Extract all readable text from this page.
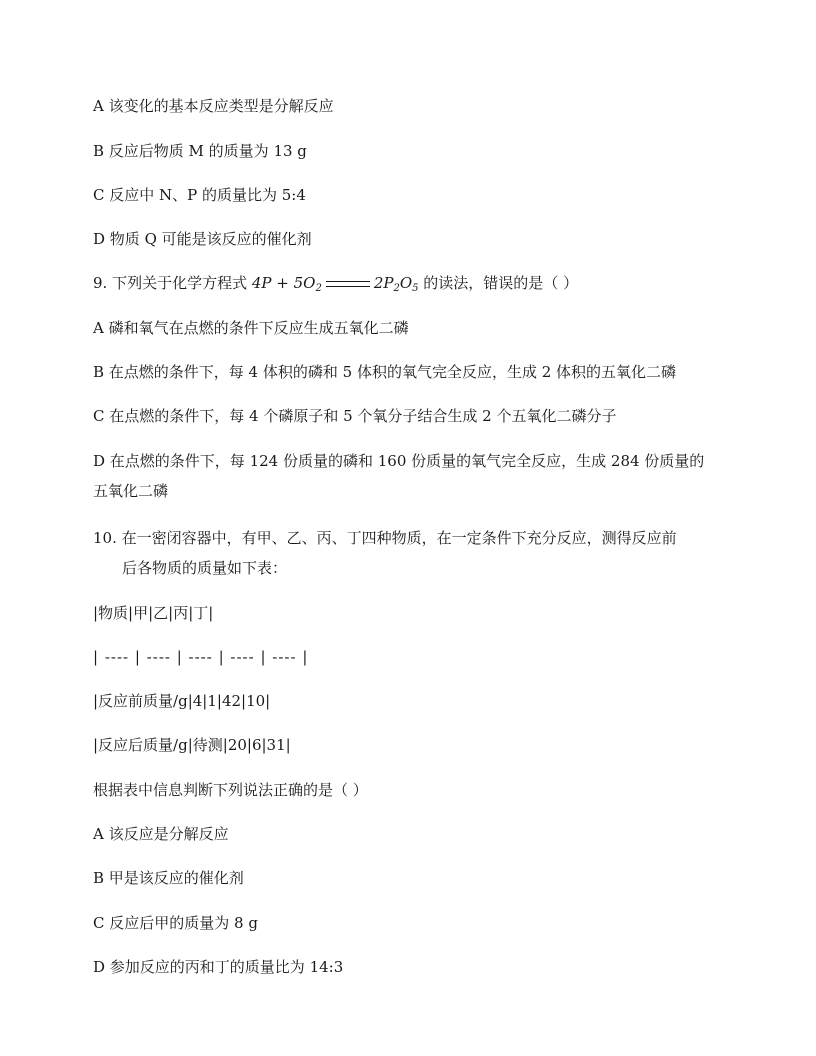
A 该变化的基本反应类型是分解反应
B 反应后物质 M 的质量为 13 g
C 反应中 N、P 的质量比为 5:4
D 物质 Q 可能是该反应的催化剂
9. 下列关于化学方程式 $4P + 5O_2$	$2P_2O_5$ 的读法，错误的是（ ）
A 磷和氧气在点燃的条件下反应生成五氧化二磷
B 在点燃的条件下，每 4 体积的磷和 5 体积的氧气完全反应，生成 2 体积的五氧化二磷
C 在点燃的条件下，每 4 个磷原子和 5 个氧分子结合生成 2 个五氧化二磷分子
D 在点燃的条件下，每 124 份质量的磷和 160 份质量的氧气完全反应，生成 284 份质量的
五氧化二磷
10. 在一密闭容器中，有甲、乙、丙、丁四种物质，在一定条件下充分反应，测得反应前
后各物质的质量如下表：
|物质|甲|乙|丙|丁|
| ---- | ---- | ---- | ---- | ---- |
|反应前质量/g|4|1|42|10|
|反应后质量/g|待测|20|6|31|
根据表中信息判断下列说法正确的是（ ）
A 该反应是分解反应
B 甲是该反应的催化剂
C 反应后甲的质量为 8 g
D 参加反应的丙和丁的质量比为 14:3
